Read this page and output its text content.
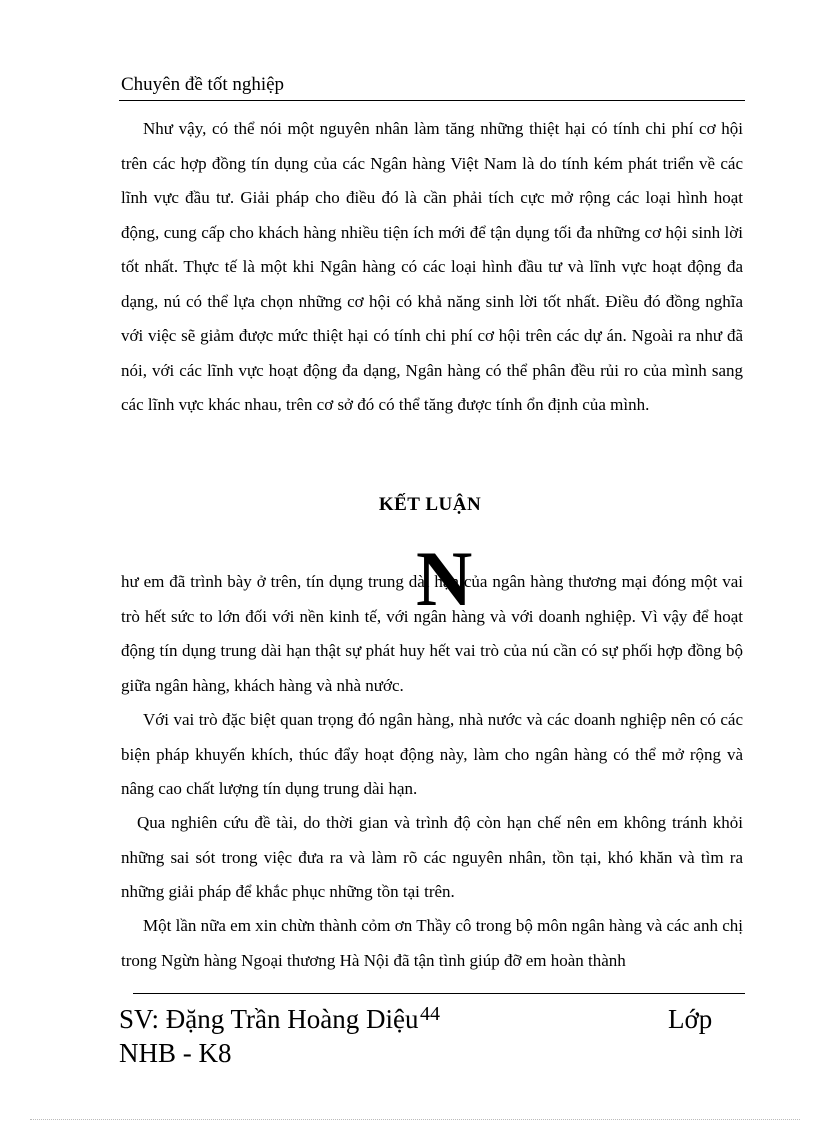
Chuyên đề tốt nghiệp

Như vậy, có thể nói một nguyên nhân làm tăng những thiệt hại có tính chi phí cơ hội trên các hợp đồng tín dụng của các Ngân hàng Việt Nam là do tính kém phát triển về các lĩnh vực đầu tư. Giải pháp cho điều đó là cần phải tích cực mở rộng các loại hình hoạt động, cung cấp cho khách hàng nhiều tiện ích mới để tận dụng tối đa những cơ hội sinh lời tốt nhất. Thực tế là một khi Ngân hàng có các loại hình đầu tư và lĩnh vực hoạt động đa dạng, nú có thể lựa chọn những cơ hội có khả năng sinh lời tốt nhất. Điều đó đồng nghĩa với việc sẽ giảm được mức thiệt hại có tính chi phí cơ hội trên các dự án. Ngoài ra như đã nói, với các lĩnh vực hoạt động đa dạng, Ngân hàng có thể phân đều rủi ro của mình sang các lĩnh vực khác nhau, trên cơ sở đó có thể tăng được tính ổn định của mình.

KẾT LUẬN

hư em đã trình bày ở trên, tín dụng trung dài hạn của ngân hàng thương mại đóng một vai trò hết sức to lớn đối với nền kinh tế, với ngân hàng và với doanh nghiệp. Vì vậy để hoạt động tín dụng trung dài hạn thật sự phát huy hết vai trò của nú cần có sự phối hợp đồng bộ giữa ngân hàng, khách hàng và nhà nước.

N

Với vai trò đặc biệt quan trọng đó ngân hàng, nhà nước và các doanh nghiệp nên có các biện pháp khuyến khích, thúc đẩy hoạt động này, làm cho ngân hàng có thể mở rộng và nâng cao chất lượng tín dụng trung dài hạn.

Qua nghiên cứu đề tài, do thời gian và trình độ còn hạn chế nên em không tránh khỏi những sai sót trong việc đưa ra và làm rõ các nguyên nhân, tồn tại, khó khăn và tìm ra những giải pháp để khắc phục những tồn tại trên.

Một lần nữa em xin chừn thành cỏm ơn Thầy cô trong bộ môn ngân hàng và các anh chị trong Ngừn hàng Ngoại thương Hà Nội đã tận tình giúp đỡ em hoàn thành

SV: Đặng Trần Hoàng Diệu
NHB - K8
44	Lớp
